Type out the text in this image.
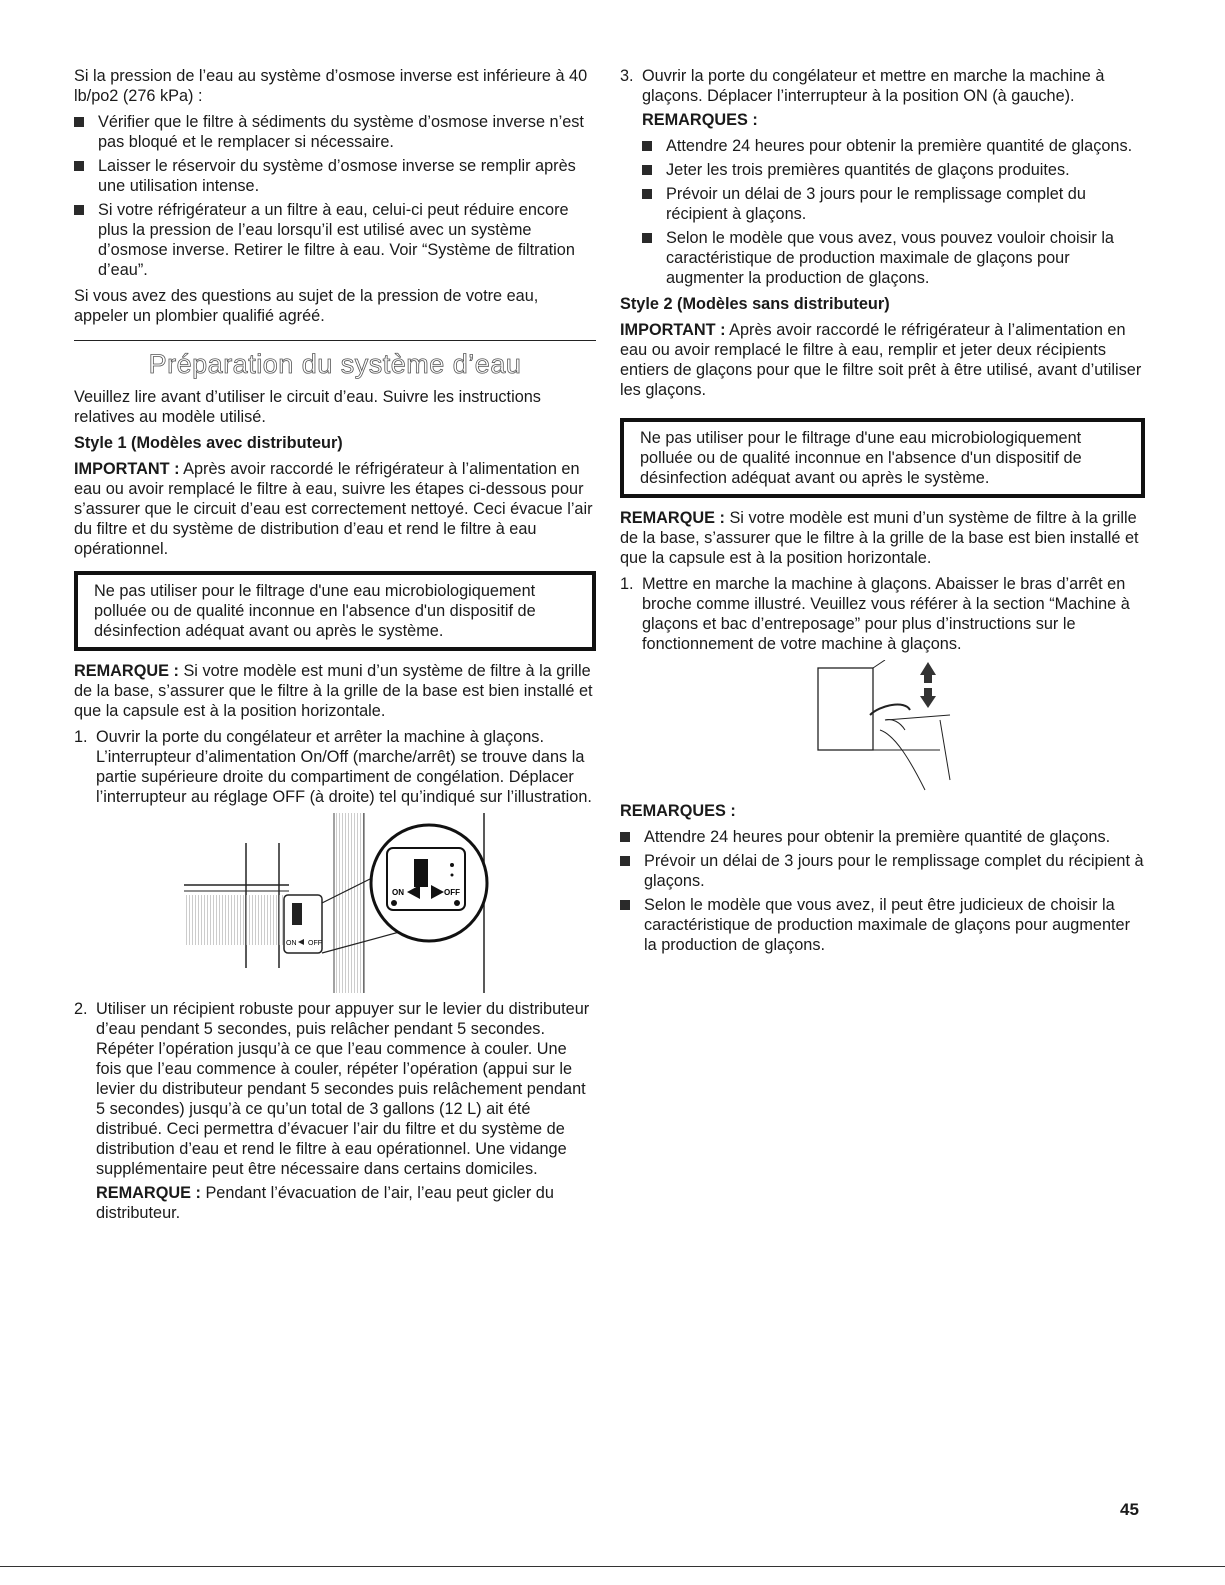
Si la pression de l’eau au système d’osmose inverse est inférieure à 40 lb/po2 (276 kPa) :

Vérifier que le filtre à sédiments du système d’osmose inverse n’est pas bloqué et le remplacer si nécessaire.
Laisser le réservoir du système d’osmose inverse se remplir après une utilisation intense.
Si votre réfrigérateur a un filtre à eau, celui-ci peut réduire encore plus la pression de l’eau lorsqu’il est utilisé avec un système d’osmose inverse. Retirer le filtre à eau. Voir “Système de filtration d’eau”.

Si vous avez des questions au sujet de la pression de votre eau, appeler un plombier qualifié agréé.

Préparation du système d’eau

Veuillez lire avant d’utiliser le circuit d’eau. Suivre les instructions relatives au modèle utilisé.

Style 1 (Modèles avec distributeur)

IMPORTANT : Après avoir raccordé le réfrigérateur à l’alimentation en eau ou avoir remplacé le filtre à eau, suivre les étapes ci-dessous pour s’assurer que le circuit d’eau est correctement nettoyé. Ceci évacue l’air du filtre et du système de distribution d’eau et rend le filtre à eau opérationnel.

Ne pas utiliser pour le filtrage d'une eau microbiologiquement polluée ou de qualité inconnue en l'absence d'un dispositif de désinfection adéquat avant ou après le système.

REMARQUE : Si votre modèle est muni d’un système de filtre à la grille de la base, s’assurer que le filtre à la grille de la base est bien installé et que la capsule est à la position horizontale.

1. Ouvrir la porte du congélateur et arrêter la machine à glaçons. L’interrupteur d’alimentation On/Off (marche/arrêt) se trouve dans la partie supérieure droite du compartiment de congélation. Déplacer l’interrupteur au réglage OFF (à droite) tel qu’indiqué sur l’illustration.
ON OFF
ON	OFF
2. Utiliser un récipient robuste pour appuyer sur le levier du distributeur d’eau pendant 5 secondes, puis relâcher pendant 5 secondes. Répéter l’opération jusqu’à ce que l’eau commence à couler. Une fois que l’eau commence à couler, répéter l’opération (appui sur le levier du distributeur pendant 5 secondes puis relâchement pendant 5 secondes) jusqu’à ce qu’un total de 3 gallons (12 L) ait été distribué. Ceci permettra d’évacuer l’air du filtre et du système de distribution d’eau et rend le filtre à eau opérationnel. Une vidange supplémentaire peut être nécessaire dans certains domiciles.

REMARQUE : Pendant l’évacuation de l’air, l’eau peut gicler du distributeur.

3. Ouvrir la porte du congélateur et mettre en marche la machine à glaçons. Déplacer l’interrupteur à la position ON (à gauche).

REMARQUES :

Attendre 24 heures pour obtenir la première quantité de glaçons.
Jeter les trois premières quantités de glaçons produites.
Prévoir un délai de 3 jours pour le remplissage complet du récipient à glaçons.
Selon le modèle que vous avez, vous pouvez vouloir choisir la caractéristique de production maximale de glaçons pour augmenter la production de glaçons.

Style 2 (Modèles sans distributeur)

IMPORTANT : Après avoir raccordé le réfrigérateur à l’alimentation en eau ou avoir remplacé le filtre à eau, remplir et jeter deux récipients entiers de glaçons pour que le filtre soit prêt à être utilisé, avant d’utiliser les glaçons.

Ne pas utiliser pour le filtrage d'une eau microbiologiquement polluée ou de qualité inconnue en l'absence d'un dispositif de désinfection adéquat avant ou après le système.

REMARQUE : Si votre modèle est muni d’un système de filtre à la grille de la base, s’assurer que le filtre à la grille de la base est bien installé et que la capsule est à la position horizontale.

1. Mettre en marche la machine à glaçons. Abaisser le bras d’arrêt en broche comme illustré. Veuillez vous référer à la section “Machine à glaçons et bac d’entreposage” pour plus d’instructions sur le fonctionnement de votre machine à glaçons.

REMARQUES :

Attendre 24 heures pour obtenir la première quantité de glaçons.
Prévoir un délai de 3 jours pour le remplissage complet du récipient à glaçons.
Selon le modèle que vous avez, il peut être judicieux de choisir la caractéristique de production maximale de glaçons pour augmenter la production de glaçons.
45
